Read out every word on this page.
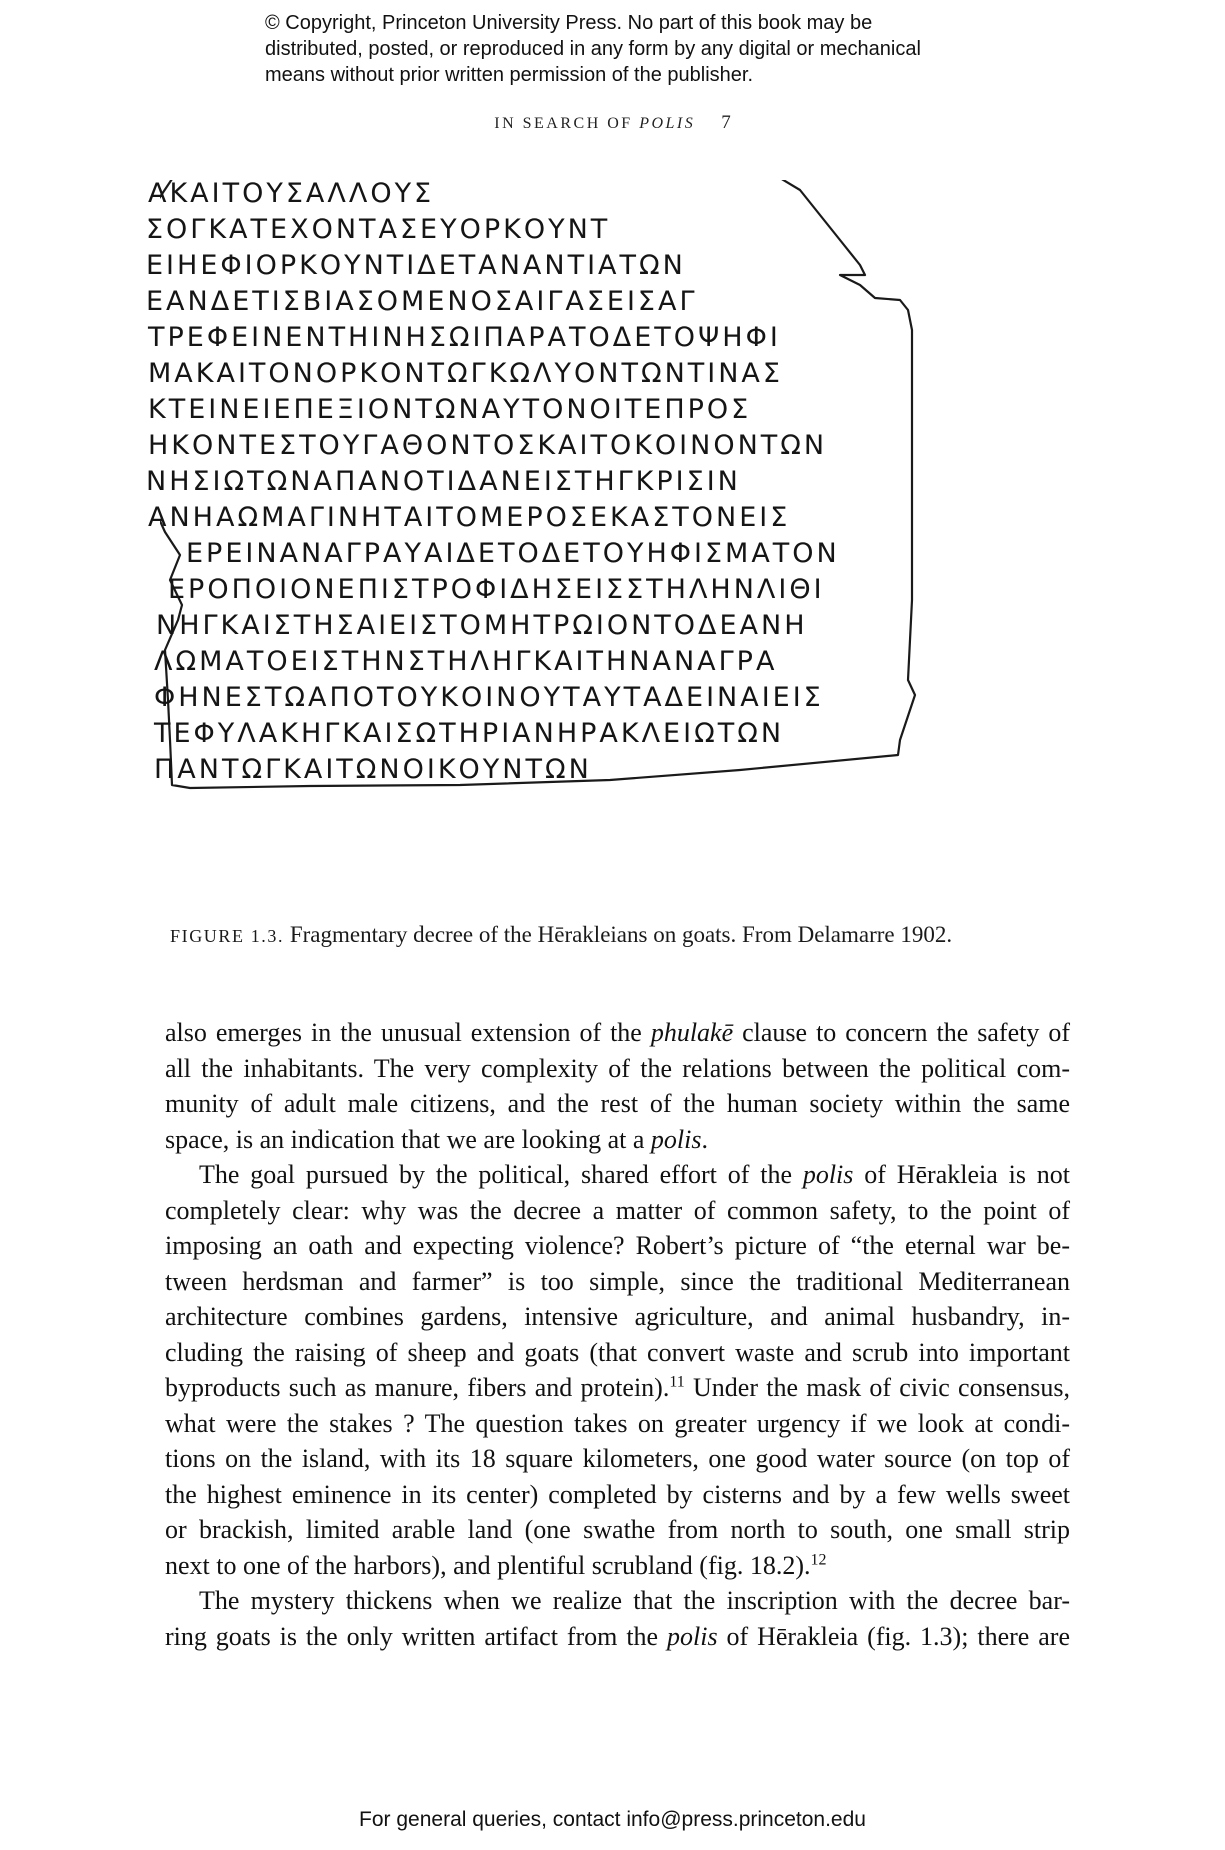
© Copyright, Princeton University Press. No part of this book may be
distributed, posted, or reproduced in any form by any digital or mechanical
means without prior written permission of the publisher.
IN SEARCH OF POLIS 7
ΑΚΑΙΤΟΥΣΑΛΛΟΥΣ
ΣΟΓΚΑΤΕΧΟΝΤΑΣΕΥΟΡΚΟΥΝΤ
ΕΙΗΕΦΙΟΡΚΟΥΝΤΙΔΕΤΑΝΑΝΤΙΑΤΩΝ
ΕΑΝΔΕΤΙΣΒΙΑΣΟΜΕΝΟΣΑΙΓΑΣΕΙΣΑΓ
ΤΡΕΦΕΙΝΕΝΤΗΙΝΗΣΩΙΠΑΡΑΤΟΔΕΤΟΨΗΦΙ
ΜΑΚΑΙΤΟΝΟΡΚΟΝΤΩΓΚΩΛΥΟΝΤΩΝΤΙΝΑΣ
ΚΤΕΙΝΕΙΕΠΕΞΙΟΝΤΩΝΑΥΤΟΝΟΙΤΕΠΡΟΣ
ΗΚΟΝΤΕΣΤΟΥΓΑΘΟΝΤΟΣΚΑΙΤΟΚΟΙΝΟΝΤΩΝ
ΝΗΣΙΩΤΩΝΑΠΑΝΟΤΙΔΑΝΕΙΣΤΗΓΚΡΙΣΙΝ
ΑΝΗΑΩΜΑΓΙΝΗΤΑΙΤΟΜΕΡΟΣΕΚΑΣΤΟΝΕΙΣ
ΕΡΕΙΝΑΝΑΓΡΑΥΑΙΔΕΤΟΔΕΤΟΥΗΦΙΣΜΑΤΟΝ
ΕΡΟΠΟΙΟΝΕΠΙΣΤΡΟΦΙΔΗΣΕΙΣΣΤΗΛΗΝΛΙΘΙ
ΝΗΓΚΑΙΣΤΗΣΑΙΕΙΣΤΟΜΗΤΡΩΙΟΝΤΟΔΕΑΝΗ
ΛΩΜΑΤΟΕΙΣΤΗΝΣΤΗΛΗΓΚΑΙΤΗΝΑΝΑΓΡΑ
ΦΗΝΕΣΤΩΑΠΟΤΟΥΚΟΙΝΟΥΤΑΥΤΑΔΕΙΝΑΙΕΙΣ
ΤΕΦΥΛΑΚΗΓΚΑΙΣΩΤΗΡΙΑΝΗΡΑΚΛΕΙΩΤΩΝ
ΠΑΝΤΩΓΚΑΙΤΩΝΟΙΚΟΥΝΤΩΝ
FIGURE 1.3. Fragmentary decree of the Hērakleians on goats. From Delamarre 1902.

also emerges in the unusual extension of the phulakē clause to concern the safety of
all the inhabitants. The very complexity of the relations between the political com-
munity of adult male citizens, and the rest of the human society within the same
space, is an indication that we are looking at a polis.

The goal pursued by the political, shared effort of the polis of Hērakleia is not
completely clear: why was the decree a matter of common safety, to the point of
imposing an oath and expecting violence? Robert’s picture of “the eternal war be-
tween herdsman and farmer” is too simple, since the traditional Mediterranean
architecture combines gardens, intensive agriculture, and animal husbandry, in-
cluding the raising of sheep and goats (that convert waste and scrub into important
byproducts such as manure, fibers and protein).$^{11}$ Under the mask of civic consensus,
what were the stakes ? The question takes on greater urgency if we look at condi-
tions on the island, with its 18 square kilometers, one good water source (on top of
the highest eminence in its center) completed by cisterns and by a few wells sweet
or brackish, limited arable land (one swathe from north to south, one small strip
next to one of the harbors), and plentiful scrubland (fig. 18.2).$^{12}$

The mystery thickens when we realize that the inscription with the decree bar-
ring goats is the only written artifact from the polis of Hērakleia (fig. 1.3); there are

For general queries, contact info@press.princeton.edu
